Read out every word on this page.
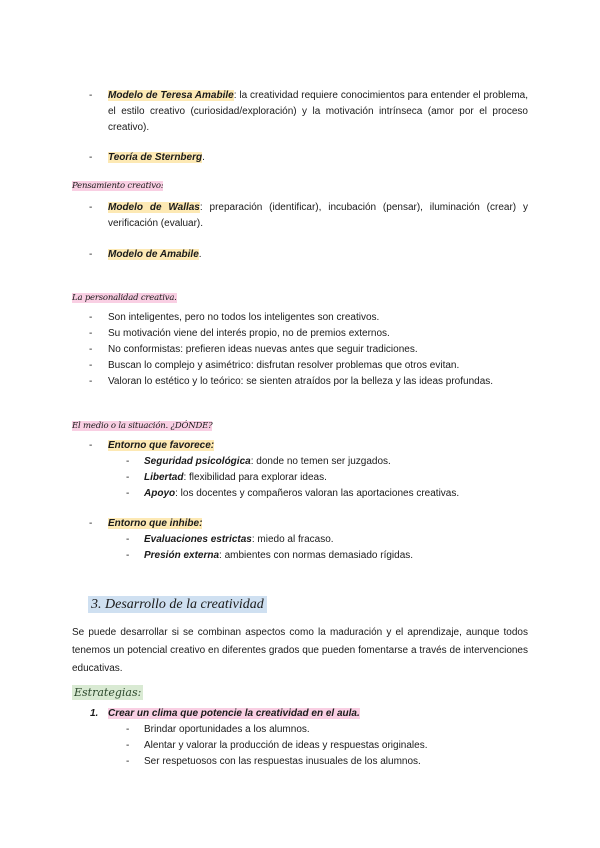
- Modelo de Teresa Amabile: la creatividad requiere conocimientos para entender el problema, el estilo creativo (curiosidad/exploración) y la motivación intrínseca (amor por el proceso creativo).
- Teoría de Sternberg.
Pensamiento creativo:
- Modelo de Wallas: preparación (identificar), incubación (pensar), iluminación (crear) y verificación (evaluar).
- Modelo de Amabile.
La personalidad creativa.
- Son inteligentes, pero no todos los inteligentes son creativos.
- Su motivación viene del interés propio, no de premios externos.
- No conformistas: prefieren ideas nuevas antes que seguir tradiciones.
- Buscan lo complejo y asimétrico: disfrutan resolver problemas que otros evitan.
- Valoran lo estético y lo teórico: se sienten atraídos por la belleza y las ideas profundas.
El medio o la situación. ¿DÓNDE?
- Entorno que favorece:
- Seguridad psicológica: donde no temen ser juzgados.
- Libertad: flexibilidad para explorar ideas.
- Apoyo: los docentes y compañeros valoran las aportaciones creativas.
- Entorno que inhibe:
- Evaluaciones estrictas: miedo al fracaso.
- Presión externa: ambientes con normas demasiado rígidas.
3. Desarrollo de la creatividad
Se puede desarrollar si se combinan aspectos como la maduración y el aprendizaje, aunque todos tenemos un potencial creativo en diferentes grados que pueden fomentarse a través de intervenciones educativas.
Estrategias:
1. Crear un clima que potencie la creatividad en el aula.
- Brindar oportunidades a los alumnos.
- Alentar y valorar la producción de ideas y respuestas originales.
- Ser respetuosos con las respuestas inusuales de los alumnos.
